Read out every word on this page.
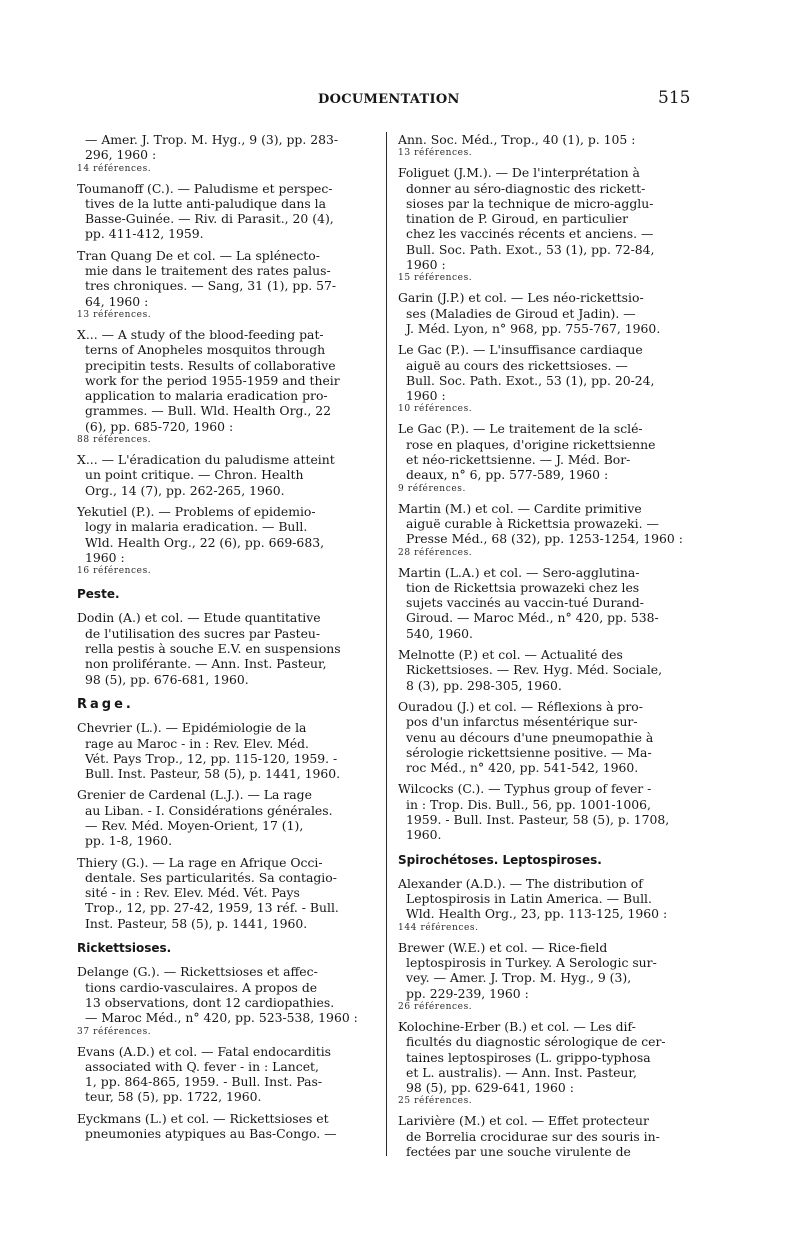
DOCUMENTATION	515
— Amer. J. Trop. M. Hyg., 9 (3), pp. 283-
296, 1960 :
14 références.
Toumanoff (C.). — Paludisme et perspec-
tives de la lutte anti-paludique dans la
Basse-Guinée. — Riv. di Parasit., 20 (4),
pp. 411-412, 1959.
Tran Quang De et col. — La splénecto-
mie dans le traitement des rates palus-
tres chroniques. — Sang, 31 (1), pp. 57-
64, 1960 :
13 références.
X... — A study of the blood-feeding pat-
terns of Anopheles mosquitos through
precipitin tests. Results of collaborative
work for the period 1955-1959 and their
application to malaria eradication pro-
grammes. — Bull. Wld. Health Org., 22
(6), pp. 685-720, 1960 :
88 références.
X... — L'éradication du paludisme atteint
un point critique. — Chron. Health
Org., 14 (7), pp. 262-265, 1960.
Yekutiel (P.). — Problems of epidemio-
logy in malaria eradication. — Bull.
Wld. Health Org., 22 (6), pp. 669-683,
1960 :
16 références.
Peste.
Dodin (A.) et col. — Etude quantitative
de l'utilisation des sucres par Pasteu-
rella pestis à souche E.V. en suspensions
non proliférante. — Ann. Inst. Pasteur,
98 (5), pp. 676-681, 1960.
Rage.
Chevrier (L.). — Epidémiologie de la
rage au Maroc - in : Rev. Elev. Méd.
Vét. Pays Trop., 12, pp. 115-120, 1959. -
Bull. Inst. Pasteur, 58 (5), p. 1441, 1960.
Grenier de Cardenal (L.J.). — La rage
au Liban. - I. Considérations générales.
— Rev. Méd. Moyen-Orient, 17 (1),
pp. 1-8, 1960.
Thiery (G.). — La rage en Afrique Occi-
dentale. Ses particularités. Sa contagio-
sité - in : Rev. Elev. Méd. Vét. Pays
Trop., 12, pp. 27-42, 1959, 13 réf. - Bull.
Inst. Pasteur, 58 (5), p. 1441, 1960.
Rickettsioses.
Delange (G.). — Rickettsioses et affec-
tions cardio-vasculaires. A propos de
13 observations, dont 12 cardiopathies.
— Maroc Méd., n° 420, pp. 523-538, 1960 :
37 références.
Evans (A.D.) et col. — Fatal endocarditis
associated with Q. fever - in : Lancet,
1, pp. 864-865, 1959. - Bull. Inst. Pas-
teur, 58 (5), pp. 1722, 1960.
Eyckmans (L.) et col. — Rickettsioses et
pneumonies atypiques au Bas-Congo. —
Ann. Soc. Méd., Trop., 40 (1), p. 105 :
13 références.
Foliguet (J.M.). — De l'interprétation à
donner au séro-diagnostic des rickett-
sioses par la technique de micro-agglu-
tination de P. Giroud, en particulier
chez les vaccinés récents et anciens. —
Bull. Soc. Path. Exot., 53 (1), pp. 72-84,
1960 :
15 références.
Garin (J.P.) et col. — Les néo-rickettsio-
ses (Maladies de Giroud et Jadin). —
J. Méd. Lyon, n° 968, pp. 755-767, 1960.
Le Gac (P.). — L'insuffisance cardiaque
aiguë au cours des rickettsioses. —
Bull. Soc. Path. Exot., 53 (1), pp. 20-24,
1960 :
10 références.
Le Gac (P.). — Le traitement de la sclé-
rose en plaques, d'origine rickettsienne
et néo-rickettsienne. — J. Méd. Bor-
deaux, n° 6, pp. 577-589, 1960 :
9 références.
Martin (M.) et col. — Cardite primitive
aiguë curable à Rickettsia prowazeki. —
Presse Méd., 68 (32), pp. 1253-1254, 1960 :
28 références.
Martin (L.A.) et col. — Sero-agglutina-
tion de Rickettsia prowazeki chez les
sujets vaccinés au vaccin-tué Durand-
Giroud. — Maroc Méd., n° 420, pp. 538-
540, 1960.
Melnotte (P.) et col. — Actualité des
Rickettsioses. — Rev. Hyg. Méd. Sociale,
8 (3), pp. 298-305, 1960.
Ouradou (J.) et col. — Réflexions à pro-
pos d'un infarctus mésentérique sur-
venu au décours d'une pneumopathie à
sérologie rickettsienne positive. — Ma-
roc Méd., n° 420, pp. 541-542, 1960.
Wilcocks (C.). — Typhus group of fever -
in : Trop. Dis. Bull., 56, pp. 1001-1006,
1959. - Bull. Inst. Pasteur, 58 (5), p. 1708,
1960.
Spirochétoses. Leptospiroses.
Alexander (A.D.). — The distribution of
Leptospirosis in Latin America. — Bull.
Wld. Health Org., 23, pp. 113-125, 1960 :
144 références.
Brewer (W.E.) et col. — Rice-field
leptospirosis in Turkey. A Serologic sur-
vey. — Amer. J. Trop. M. Hyg., 9 (3),
pp. 229-239, 1960 :
26 références.
Kolochine-Erber (B.) et col. — Les dif-
ficultés du diagnostic sérologique de cer-
taines leptospiroses (L. grippo-typhosa
et L. australis). — Ann. Inst. Pasteur,
98 (5), pp. 629-641, 1960 :
25 références.
Larivière (M.) et col. — Effet protecteur
de Borrelia crocidurae sur des souris in-
fectées par une souche virulente de
